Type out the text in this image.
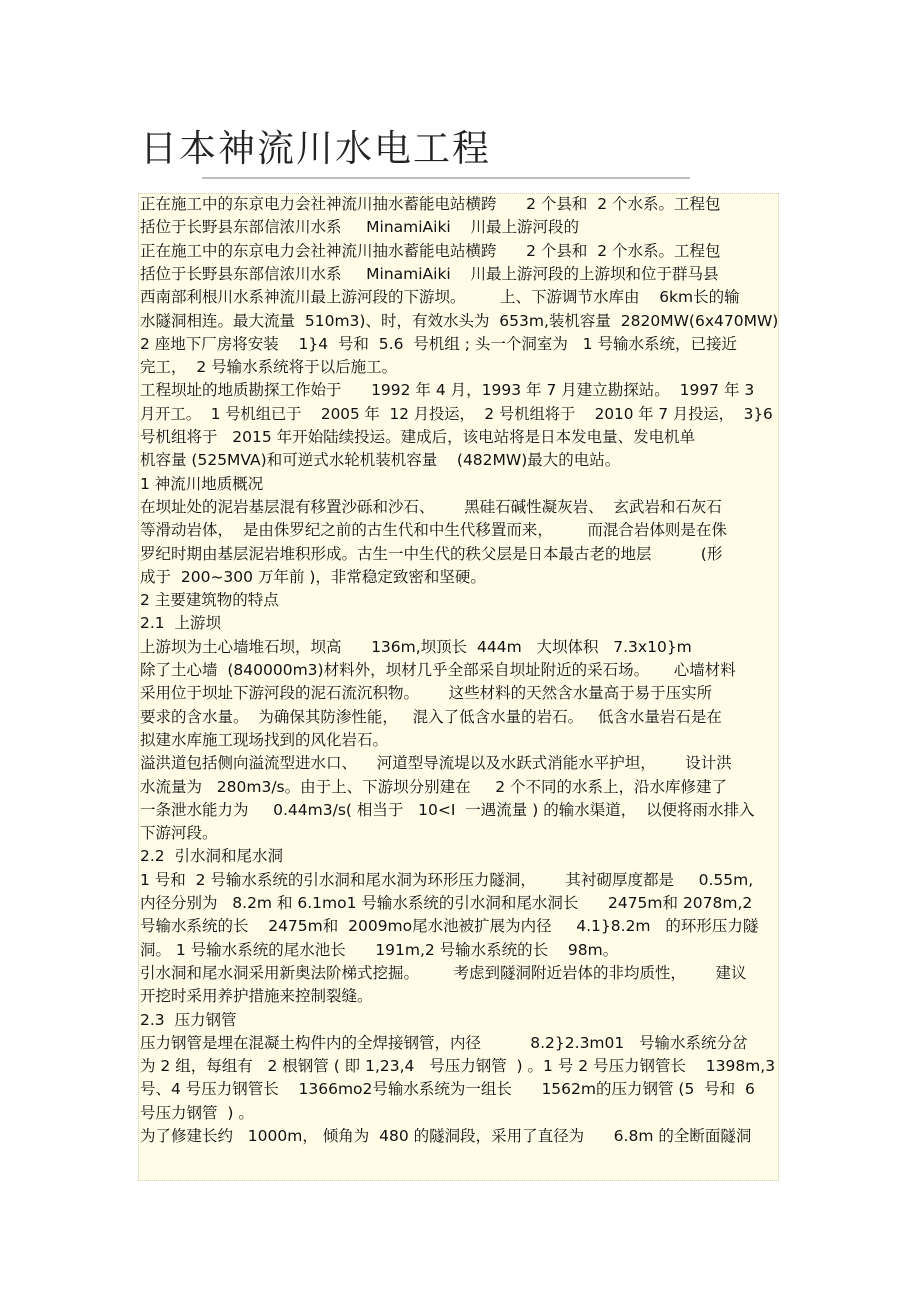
日本神流川水电工程
正在施工中的东京电力会社神流川抽水蓄能电站横跨      2 个县和  2 个水系。工程包
括位于长野县东部信浓川水系     MinamiAiki    川最上游河段的
正在施工中的东京电力会社神流川抽水蓄能电站横跨      2 个县和  2 个水系。工程包
括位于长野县东部信浓川水系     MinamiAiki    川最上游河段的上游坝和位于群马县
西南部利根川水系神流川最上游河段的下游坝。       上、下游调节水库由    6km长的输
水隧洞相连。最大流量  510m3)、时，有效水头为  653m,装机容量  2820MW(6x470MW)
2 座地下厂房将安装    1}4  号和  5.6  号机组 ; 头一个洞室为   1 号输水系统，已接近
完工，  2 号输水系统将于以后施工。
工程坝址的地质勘探工作始于      1992 年 4 月，1993 年 7 月建立勘探站。  1997 年 3
月开工。  1 号机组已于    2005 年  12 月投运，  2 号机组将于    2010 年 7 月投运，  3}6
号机组将于   2015 年开始陆续投运。建成后，该电站将是日本发电量、发电机单
机容量 (525MVA)和可逆式水轮机装机容量    (482MW)最大的电站。
1 神流川地质概况
在坝址处的泥岩基层混有移置沙砾和沙石、      黑硅石碱性凝灰岩、  玄武岩和石灰石
等滑动岩体，  是由侏罗纪之前的古生代和中生代移置而来，       而混合岩体则是在侏
罗纪时期由基层泥岩堆积形成。古生一中生代的秩父层是日本最古老的地层          (形
成于  200~300 万年前 )，非常稳定致密和坚硬。
2 主要建筑物的特点
2.1  上游坝
上游坝为土心墙堆石坝，坝高      136m,坝顶长  444m   大坝体积   7.3x10}m
除了土心墙  (840000m3)材料外，坝材几乎全部采自坝址附近的采石场。     心墙材料
采用位于坝址下游河段的泥石流沉积物。      这些材料的天然含水量高于易于压实所
要求的含水量。  为确保其防渗性能，   混入了低含水量的岩石。   低含水量岩石是在
拟建水库施工现场找到的风化岩石。
溢洪道包括侧向溢流型进水口、    河道型导流堤以及水跃式消能水平护坦，      设计洪
水流量为   280m3/s。由于上、下游坝分别建在     2 个不同的水系上，沿水库修建了
一条泄水能力为     0.44m3/s( 相当于   10<I  一遇流量 ) 的输水渠道，  以便将雨水排入
下游河段。
2.2  引水洞和尾水洞
1 号和  2 号输水系统的引水洞和尾水洞为环形压力隧洞，      其衬砌厚度都是     0.55m,
内径分别为   8.2m 和 6.1mo1 号输水系统的引水洞和尾水洞长      2475m和 2078m,2
号输水系统的长    2475m和  2009mo尾水池被扩展为内径     4.1}8.2m   的环形压力隧
洞。 1 号输水系统的尾水池长      191m,2 号输水系统的长    98m。
引水洞和尾水洞采用新奥法阶梯式挖掘。       考虑到隧洞附近岩体的非均质性，      建议
开挖时采用养护措施来控制裂缝。
2.3  压力钢管
压力钢管是埋在混凝土构件内的全焊接钢管，内径          8.2}2.3m01   号输水系统分岔
为 2 组，每组有   2 根钢管 ( 即 1,23,4   号压力钢管  ) 。1 号 2 号压力钢管长    1398m,3
号、4 号压力钢管长    1366mo2号输水系统为一组长      1562m的压力钢管 (5  号和  6
号压力钢管  ) 。
为了修建长约   1000m， 倾角为  480 的隧洞段，采用了直径为      6.8m 的全断面隧洞
